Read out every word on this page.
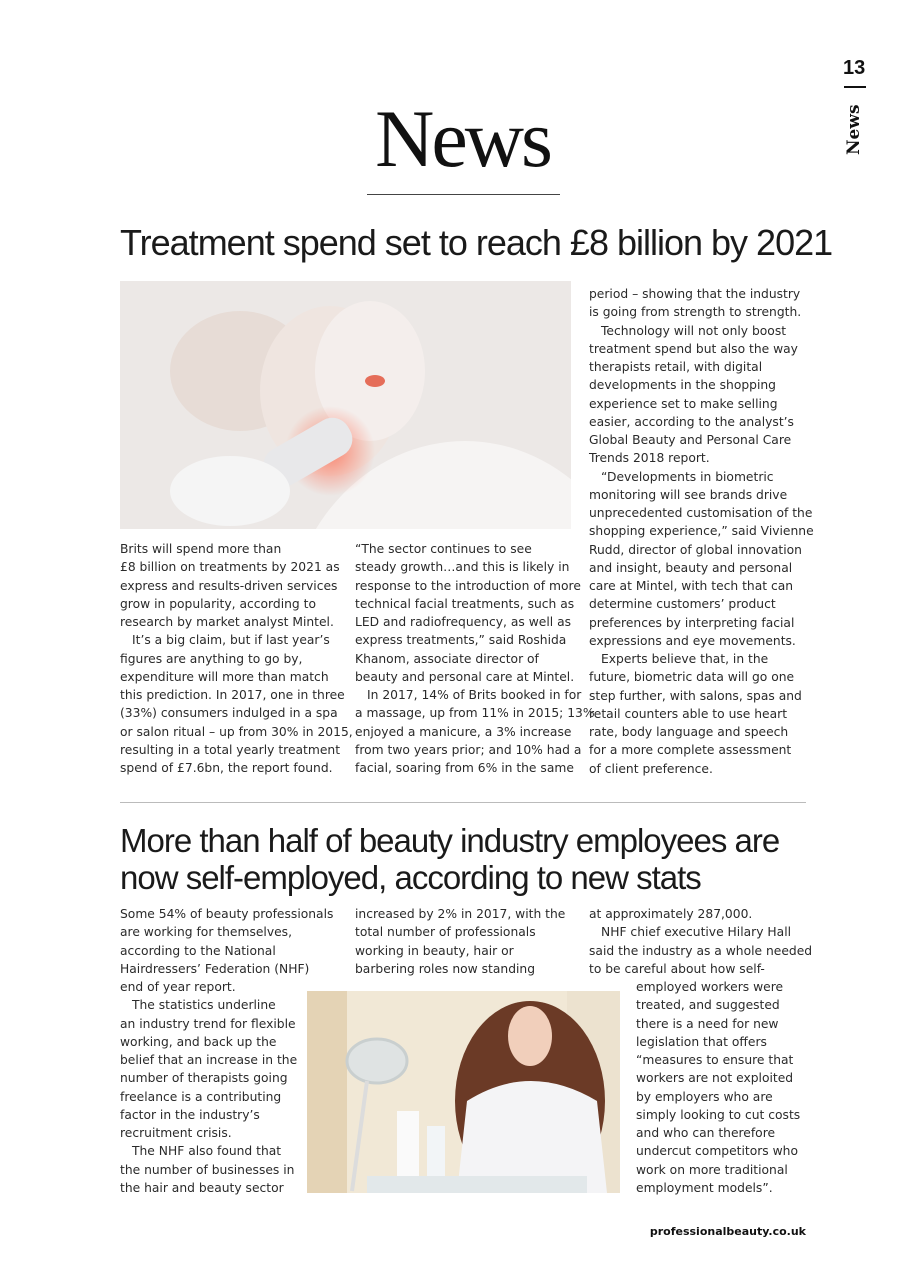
13
News
News
Treatment spend set to reach £8 billion by 2021
Brits will spend more than
£8 billion on treatments by 2021 as
express and results-driven services
grow in popularity, according to
research by market analyst Mintel.
It’s a big claim, but if last year’s
figures are anything to go by,
expenditure will more than match
this prediction. In 2017, one in three
(33%) consumers indulged in a spa
or salon ritual – up from 30% in 2015,
resulting in a total yearly treatment
spend of £7.6bn, the report found.
“The sector continues to see
steady growth…and this is likely in
response to the introduction of more
technical facial treatments, such as
LED and radiofrequency, as well as
express treatments,” said Roshida
Khanom, associate director of
beauty and personal care at Mintel.
In 2017, 14% of Brits booked in for
a massage, up from 11% in 2015; 13%
enjoyed a manicure, a 3% increase
from two years prior; and 10% had a
facial, soaring from 6% in the same
period – showing that the industry
is going from strength to strength.
Technology will not only boost
treatment spend but also the way
therapists retail, with digital
developments in the shopping
experience set to make selling
easier, according to the analyst’s
Global Beauty and Personal Care
Trends 2018 report.
“Developments in biometric
monitoring will see brands drive
unprecedented customisation of the
shopping experience,” said Vivienne
Rudd, director of global innovation
and insight, beauty and personal
care at Mintel, with tech that can
determine customers’ product
preferences by interpreting facial
expressions and eye movements.
Experts believe that, in the
future, biometric data will go one
step further, with salons, spas and
retail counters able to use heart
rate, body language and speech
for a more complete assessment
of client preference.
More than half of beauty industry employees are
now self-employed, according to new stats
Some 54% of beauty professionals
are working for themselves,
according to the National
Hairdressers’ Federation (NHF)
end of year report.
The statistics underline
an industry trend for flexible
working, and back up the
belief that an increase in the
number of therapists going
freelance is a contributing
factor in the industry’s
recruitment crisis.
The NHF also found that
the number of businesses in
the hair and beauty sector
increased by 2% in 2017, with the
total number of professionals
working in beauty, hair or
barbering roles now standing
at approximately 287,000.
NHF chief executive Hilary Hall
said the industry as a whole needed
to be careful about how self-
employed workers were
treated, and suggested
there is a need for new
legislation that offers
“measures to ensure that
workers are not exploited
by employers who are
simply looking to cut costs
and who can therefore
undercut competitors who
work on more traditional
employment models”.
professionalbeauty.co.uk
